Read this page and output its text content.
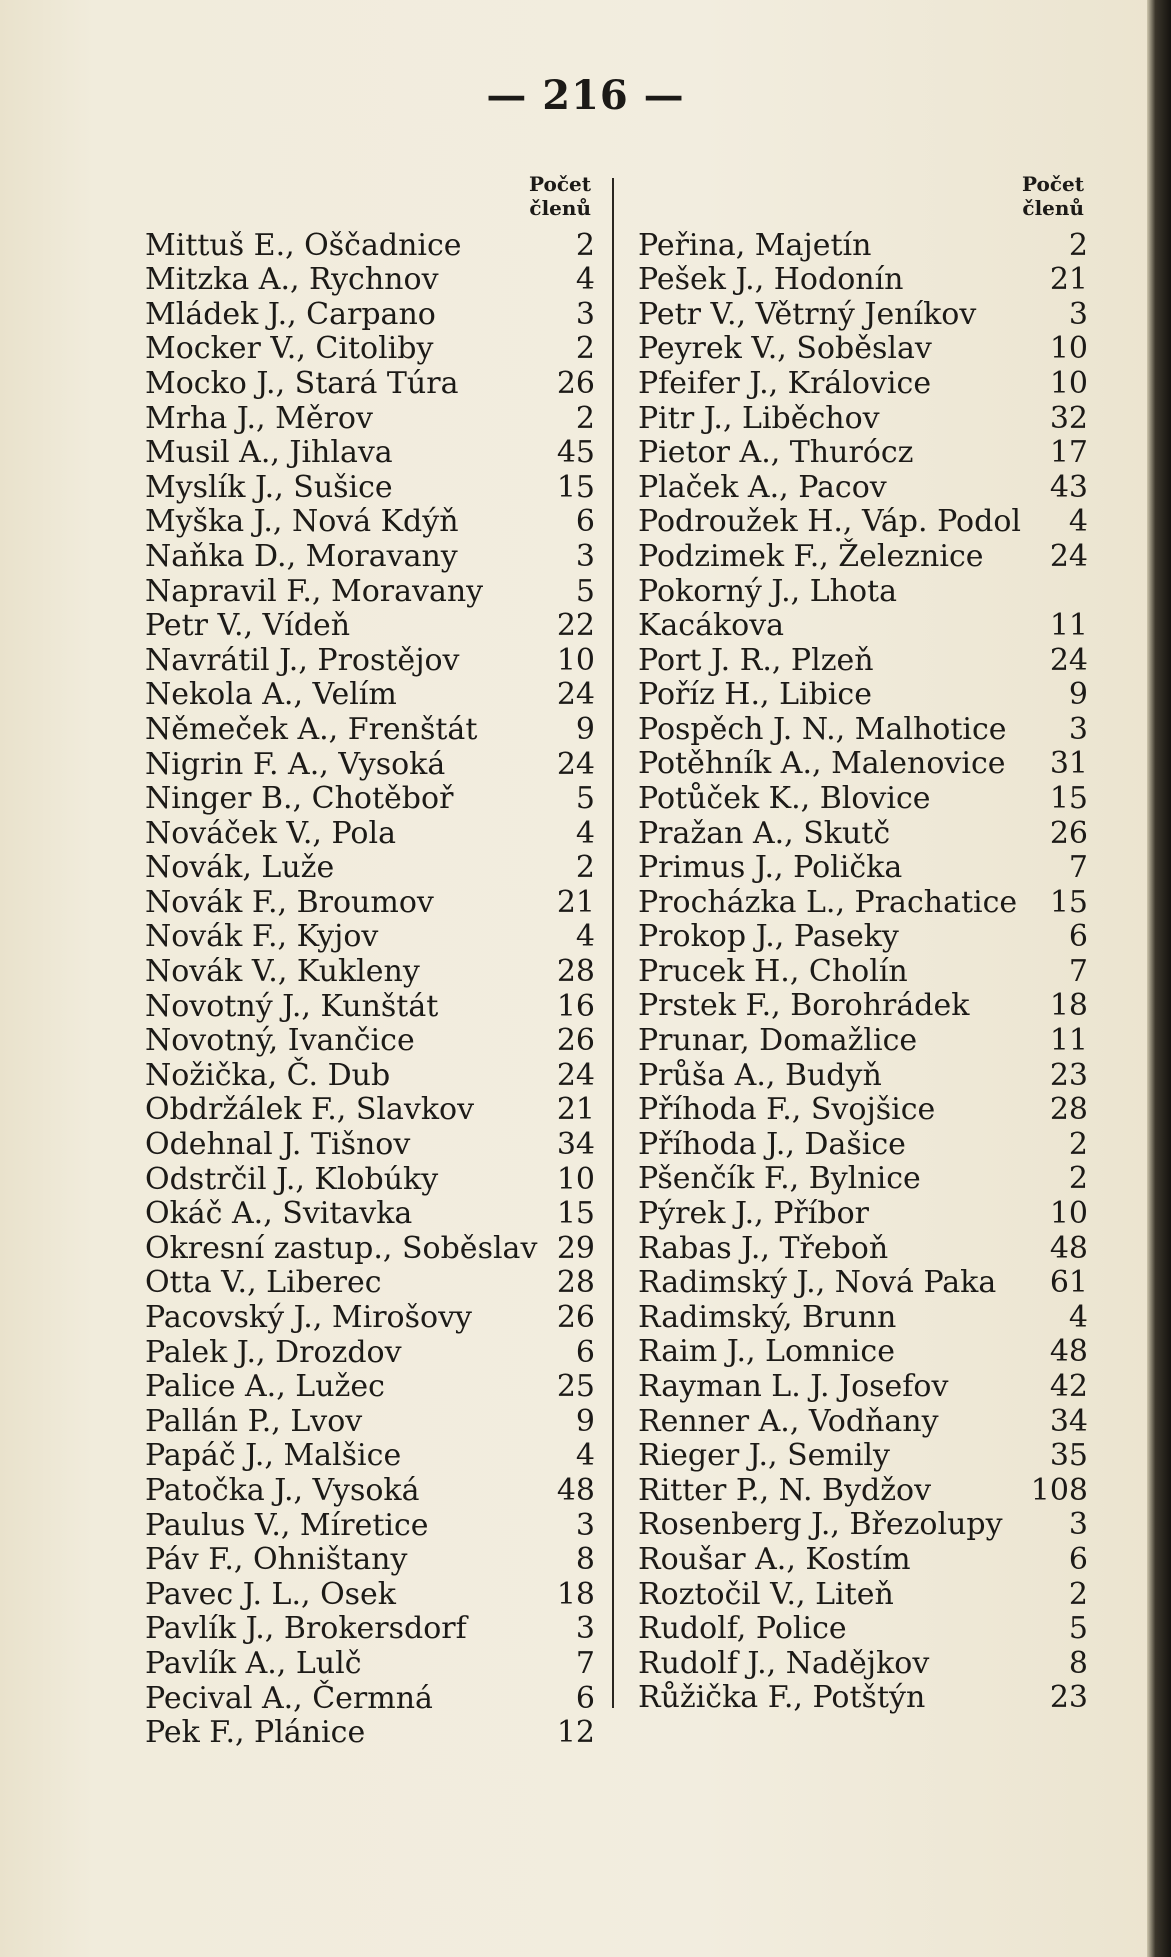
— 216 —
Počet
členů
Mittuš E., Oščadnice	2
Mitzka A., Rychnov	4
Mládek J., Carpano	3
Mocker V., Citoliby	2
Mocko J., Stará Túra	26
Mrha J., Měrov	2
Musil A., Jihlava	45
Myslík J., Sušice	15
Myška J., Nová Kdýň	6
Naňka D., Moravany	3
Napravil F., Moravany	5
Petr V., Vídeň	22
Navrátil J., Prostějov	10
Nekola A., Velím	24
Němeček A., Frenštát	9
Nigrin F. A., Vysoká	24
Ninger B., Chotěboř	5
Nováček V., Pola	4
Novák, Luže	2
Novák F., Broumov	21
Novák F., Kyjov	4
Novák V., Kukleny	28
Novotný J., Kunštát	16
Novotný, Ivančice	26
Nožička, Č. Dub	24
Obdržálek F., Slavkov	21
Odehnal J. Tišnov	34
Odstrčil J., Klobúky	10
Okáč A., Svitavka	15
Okresní zastup., Soběslav 29
Otta V., Liberec	28
Pacovský J., Mirošovy	26
Palek J., Drozdov	6
Palice A., Lužec	25
Pallán P., Lvov	9
Papáč J., Malšice	4
Patočka J., Vysoká	48
Paulus V., Míretice	3
Páv F., Ohništany	8
Pavec J. L., Osek	18
Pavlík J., Brokersdorf	3
Pavlík A., Lulč	7
Pecival A., Čermná	6
Pek F., Plánice	12
Počet
členů
Peřina, Majetín	2
Pešek J., Hodonín	21
Petr V., Větrný Jeníkov	3
Peyrek V., Soběslav	10
Pfeifer J., Královice	10
Pitr J., Liběchov	32
Pietor A., Thurócz	17
Plaček A., Pacov	43
Podroužek H., Váp. Podol	4
Podzimek F., Železnice	24
Pokorný J., Lhota Kacákova	11
Port J. R., Plzeň	24
Poříz H., Libice	9
Pospěch J. N., Malhotice	3
Potěhník A., Malenovice	31
Potůček K., Blovice	15
Pražan A., Skutč	26
Primus J., Polička	7
Procházka L., Prachatice	15
Prokop J., Paseky	6
Prucek H., Cholín	7
Prstek F., Borohrádek	18
Prunar, Domažlice	11
Průša A., Budyň	23
Příhoda F., Svojšice	28
Příhoda J., Dašice	2
Pšenčík F., Bylnice	2
Pýrek J., Příbor	10
Rabas J., Třeboň	48
Radimský J., Nová Paka	61
Radimský, Brunn	4
Raim J., Lomnice	48
Rayman L. J. Josefov	42
Renner A., Vodňany	34
Rieger J., Semily	35
Ritter P., N. Bydžov	108
Rosenberg J., Březolupy	3
Roušar A., Kostím	6
Roztočil V., Liteň	2
Rudolf, Police	5
Rudolf J., Nadějkov	8
Růžička F., Potštýn	23
